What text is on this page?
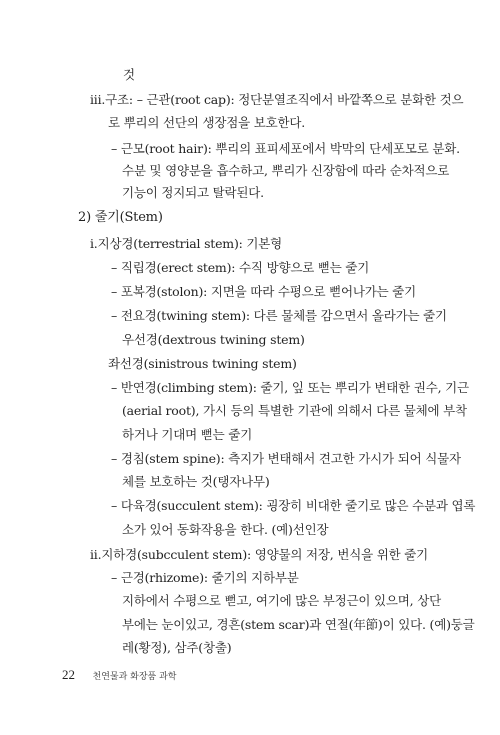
것
iii.구조: – 근관(root cap): 정단분열조직에서 바깥쪽으로 분화한 것으
로 뿌리의 선단의 생장점을 보호한다.
– 근모(root hair): 뿌리의 표피세포에서 박막의 단세포모로 분화.
수분 및 영양분을 흡수하고, 뿌리가 신장함에 따라 순차적으로
기능이 정지되고 탈락된다.
2) 줄기(Stem)
i.지상경(terrestrial stem): 기본형
– 직립경(erect stem): 수직 방향으로 뻗는 줄기
– 포복경(stolon): 지면을 따라 수평으로 뻗어나가는 줄기
– 전요경(twining stem): 다른 물체를 감으면서 올라가는 줄기
우선경(dextrous twining stem)
좌선경(sinistrous twining stem)
– 반연경(climbing stem): 줄기, 잎 또는 뿌리가 변태한 권수, 기근
(aerial root), 가시 등의 특별한 기관에 의해서 다른 물체에 부착
하거나 기대며 뻗는 줄기
– 경침(stem spine): 측지가 변태해서 견고한 가시가 되어 식물자
체를 보호하는 것(탱자나무)
– 다육경(succulent stem): 굉장히 비대한 줄기로 많은 수분과 엽록
소가 있어 동화작용을 한다. (예)선인장
ii.지하경(subcculent stem): 영양물의 저장, 번식을 위한 줄기
– 근경(rhizome): 줄기의 지하부분
지하에서 수평으로 뻗고, 여기에 많은 부정근이 있으며, 상단
부에는 눈이있고, 경흔(stem scar)과 연절(年節)이 있다. (예)둥글
레(황정), 삼주(창출)
22 천연물과 화장품 과학
